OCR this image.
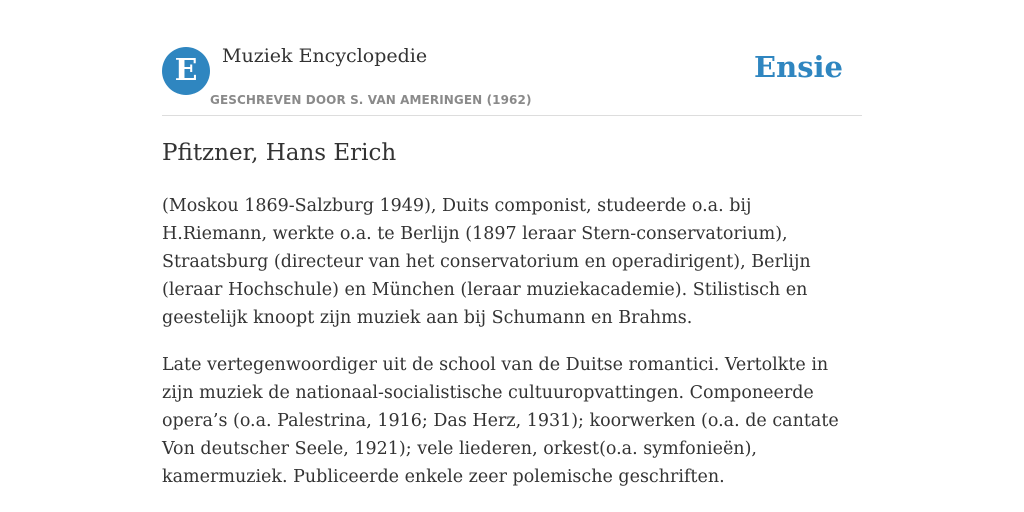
E	Muziek Encyclopedie
GESCHREVEN DOOR S. VAN AMERINGEN (1962)
Ensie
Pfitzner, Hans Erich

(Moskou 1869-Salzburg 1949), Duits componist, studeerde o.a. bij H.Riemann, werkte o.a. te Berlijn (1897 leraar Stern-conservatorium), Straatsburg (directeur van het conservatorium en operadirigent), Berlijn (leraar Hochschule) en München (leraar muziekacademie). Stilistisch en geestelijk knoopt zijn muziek aan bij Schumann en Brahms.

Late vertegenwoordiger uit de school van de Duitse romantici. Vertolkte in zijn muziek de nationaal-socialistische cultuuropvattingen. Componeerde opera’s (o.a. Palestrina, 1916; Das Herz, 1931); koorwerken (o.a. de cantate Von deutscher Seele, 1921); vele liederen, orkest(o.a. symfonieën), kamermuziek. Publiceerde enkele zeer polemische geschriften.
